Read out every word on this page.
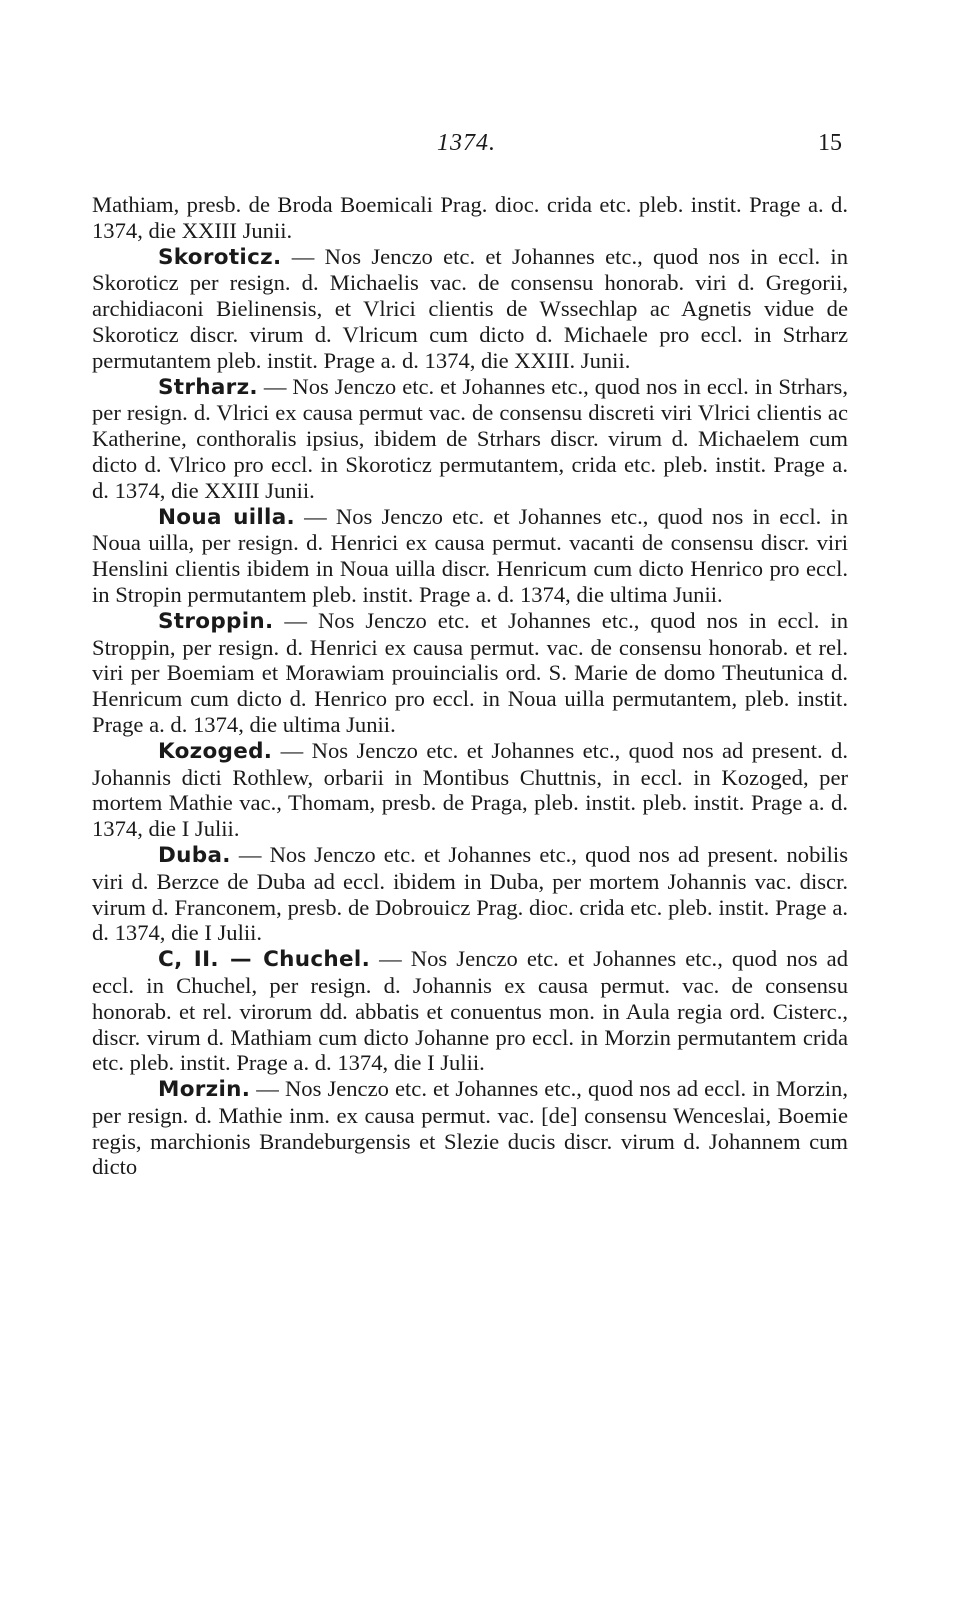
1374.	15

Mathiam, presb. de Broda Boemicali Prag. dioc. crida etc. pleb. instit. Prage a. d. 1374, die XXIII Junii.

Skoroticz. — Nos Jenczo etc. et Johannes etc., quod nos in eccl. in Skoroticz per resign. d. Michaelis vac. de consensu honorab. viri d. Gregorii, archidiaconi Bielinensis, et Vlrici clientis de Wssechlap ac Agnetis vidue de Skoroticz discr. virum d. Vlricum cum dicto d. Michaele pro eccl. in Strharz permutantem pleb. instit. Prage a. d. 1374, die XXIII. Junii.

Strharz. — Nos Jenczo etc. et Johannes etc., quod nos in eccl. in Strhars, per resign. d. Vlrici ex causa permut vac. de consensu discreti viri Vlrici clientis ac Katherine, conthoralis ipsius, ibidem de Strhars discr. virum d. Michaelem cum dicto d. Vlrico pro eccl. in Skoroticz permutantem, crida etc. pleb. instit. Prage a. d. 1374, die XXIII Junii.

Noua uilla. — Nos Jenczo etc. et Johannes etc., quod nos in eccl. in Noua uilla, per resign. d. Henrici ex causa permut. vacanti de consensu discr. viri Henslini clientis ibidem in Noua uilla discr. Henricum cum dicto Henrico pro eccl. in Stropin permutantem pleb. instit. Prage a. d. 1374, die ultima Junii.

Stroppin. — Nos Jenczo etc. et Johannes etc., quod nos in eccl. in Stroppin, per resign. d. Henrici ex causa permut. vac. de consensu honorab. et rel. viri per Boemiam et Morawiam prouincialis ord. S. Marie de domo Theutunica d. Henricum cum dicto d. Henrico pro eccl. in Noua uilla permutantem, pleb. instit. Prage a. d. 1374, die ultima Junii.

Kozoged. — Nos Jenczo etc. et Johannes etc., quod nos ad present. d. Johannis dicti Rothlew, orbarii in Montibus Chuttnis, in eccl. in Kozoged, per mortem Mathie vac., Thomam, presb. de Praga, pleb. instit. pleb. instit. Prage a. d. 1374, die I Julii.

Duba. — Nos Jenczo etc. et Johannes etc., quod nos ad present. nobilis viri d. Berzce de Duba ad eccl. ibidem in Duba, per mortem Johannis vac. discr. virum d. Franconem, presb. de Dobrouicz Prag. dioc. crida etc. pleb. instit. Prage a. d. 1374, die I Julii.

C, II. — Chuchel. — Nos Jenczo etc. et Johannes etc., quod nos ad eccl. in Chuchel, per resign. d. Johannis ex causa permut. vac. de consensu honorab. et rel. virorum dd. abbatis et conuentus mon. in Aula regia ord. Cisterc., discr. virum d. Mathiam cum dicto Johanne pro eccl. in Morzin permutantem crida etc. pleb. instit. Prage a. d. 1374, die I Julii.

Morzin. — Nos Jenczo etc. et Johannes etc., quod nos ad eccl. in Morzin, per resign. d. Mathie inm. ex causa permut. vac. [de] consensu Wenceslai, Boemie regis, marchionis Brandeburgensis et Slezie ducis discr. virum d. Johannem cum dicto
